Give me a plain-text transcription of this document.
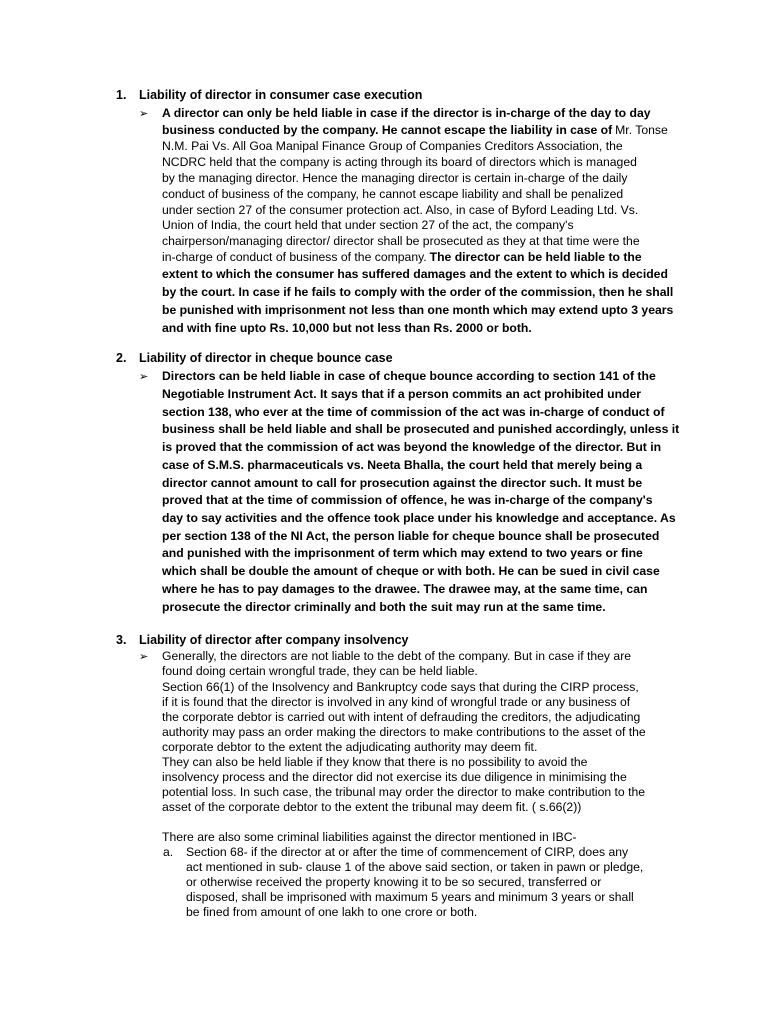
1. Liability of director in consumer case execution
➢ A director can only be held liable in case if the director is in-charge of the day to day
business conducted by the company. He cannot escape the liability in case of Mr. Tonse
N.M. Pai Vs. All Goa Manipal Finance Group of Companies Creditors Association, the
NCDRC held that the company is acting through its board of directors which is managed
by the managing director. Hence the managing director is certain in-charge of the daily
conduct of business of the company, he cannot escape liability and shall be penalized
under section 27 of the consumer protection act. Also, in case of Byford Leading Ltd. Vs.
Union of India, the court held that under section 27 of the act, the company's
chairperson/managing director/ director shall be prosecuted as they at that time were the
in-charge of conduct of business of the company. The director can be held liable to the
extent to which the consumer has suffered damages and the extent to which is decided
by the court. In case if he fails to comply with the order of the commission, then he shall
be punished with imprisonment not less than one month which may extend upto 3 years
and with fine upto Rs. 10,000 but not less than Rs. 2000 or both.
2. Liability of director in cheque bounce case
➢ Directors can be held liable in case of cheque bounce according to section 141 of the
Negotiable Instrument Act. It says that if a person commits an act prohibited under
section 138, who ever at the time of commission of the act was in-charge of conduct of
business shall be held liable and shall be prosecuted and punished accordingly, unless it
is proved that the commission of act was beyond the knowledge of the director. But in
case of S.M.S. pharmaceuticals vs. Neeta Bhalla, the court held that merely being a
director cannot amount to call for prosecution against the director such. It must be
proved that at the time of commission of offence, he was in-charge of the company's
day to say activities and the offence took place under his knowledge and acceptance. As
per section 138 of the NI Act, the person liable for cheque bounce shall be prosecuted
and punished with the imprisonment of term which may extend to two years or fine
which shall be double the amount of cheque or with both. He can be sued in civil case
where he has to pay damages to the drawee. The drawee may, at the same time, can
prosecute the director criminally and both the suit may run at the same time.
3. Liability of director after company insolvency
➢ Generally, the directors are not liable to the debt of the company. But in case if they are
found doing certain wrongful trade, they can be held liable.
Section 66(1) of the Insolvency and Bankruptcy code says that during the CIRP process,
if it is found that the director is involved in any kind of wrongful trade or any business of
the corporate debtor is carried out with intent of defrauding the creditors, the adjudicating
authority may pass an order making the directors to make contributions to the asset of the
corporate debtor to the extent the adjudicating authority may deem fit.
They can also be held liable if they know that there is no possibility to avoid the
insolvency process and the director did not exercise its due diligence in minimising the
potential loss. In such case, the tribunal may order the director to make contribution to the
asset of the corporate debtor to the extent the tribunal may deem fit. ( s.66(2))
There are also some criminal liabilities against the director mentioned in IBC-
a. Section 68- if the director at or after the time of commencement of CIRP, does any
act mentioned in sub- clause 1 of the above said section, or taken in pawn or pledge,
or otherwise received the property knowing it to be so secured, transferred or
disposed, shall be imprisoned with maximum 5 years and minimum 3 years or shall
be fined from amount of one lakh to one crore or both.
